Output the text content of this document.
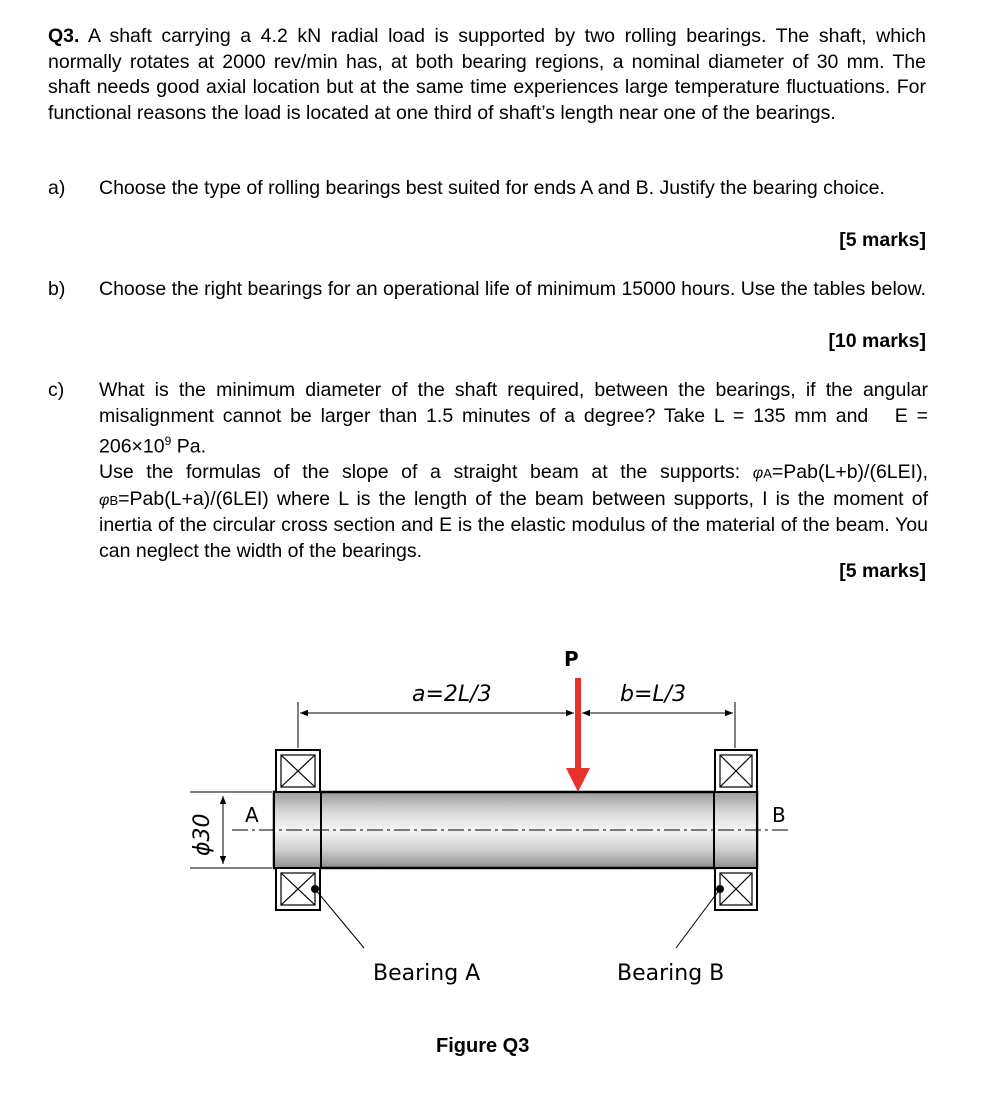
Q3. A shaft carrying a 4.2 kN radial load is supported by two rolling bearings. The shaft, which normally rotates at 2000 rev/min has, at both bearing regions, a nominal diameter of 30 mm. The shaft needs good axial location but at the same time experiences large temperature fluctuations. For functional reasons the load is located at one third of shaft’s length near one of the bearings.

a) Choose the type of rolling bearings best suited for ends A and B. Justify the bearing choice.
[5 marks]
b) Choose the right bearings for an operational life of minimum 15000 hours. Use the tables below.
[10 marks]
c) What is the minimum diameter of the shaft required, between the bearings, if the angular misalignment cannot be larger than 1.5 minutes of a degree? Take L = 135 mm and $E = 206\times 10^9$ Pa.
Use the formulas of the slope of a straight beam at the supports: φA=Pab(L+b)/(6LEI), φB=Pab(L+a)/(6LEI) where L is the length of the beam between supports, I is the moment of inertia of the circular cross section and E is the elastic modulus of the material of the beam. You can neglect the width of the bearings.
[5 marks]
P
a=2L/3	b=L/3
A	B
ϕ30
Bearing A	Bearing B
Figure Q3
